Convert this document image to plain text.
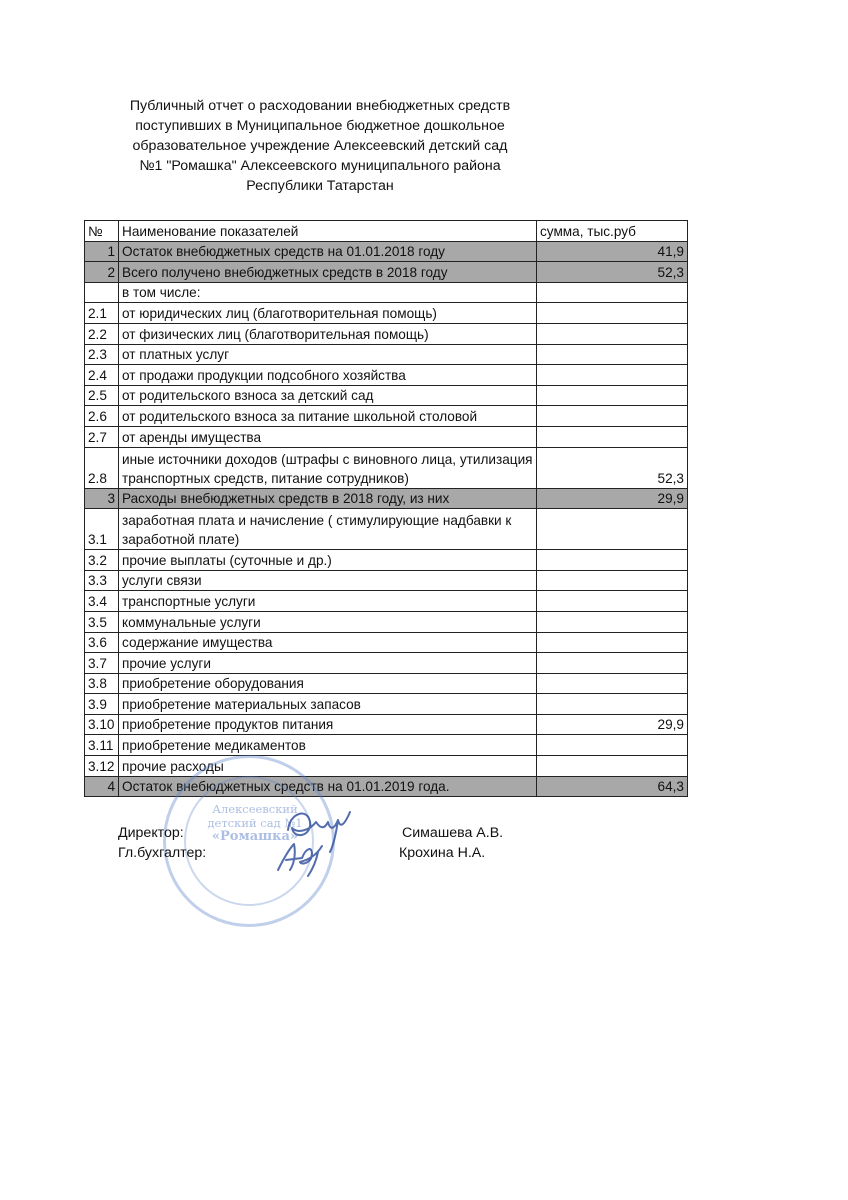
Публичный отчет о расходовании внебюджетных средств
поступивших в Муниципальное бюджетное дошкольное
образовательное учреждение Алексеевский детский сад
№1 "Ромашка" Алексеевского муниципального района
Республики Татарстан
№	Наименование показателей	сумма, тыс.руб
1	Остаток внебюджетных средств на 01.01.2018 году	41,9
2	Всего получено внебюджетных средств в 2018 году	52,3
	в том числе:	
2.1	от юридических лиц (благотворительная помощь)	
2.2	от физических лиц (благотворительная помощь)	
2.3	от платных услуг	
2.4	от продажи продукции подсобного хозяйства	
2.5	от родительского взноса за детский сад	
2.6	от родительского взноса за питание школьной столовой	
2.7	от аренды имущества	
2.8	иные источники доходов (штрафы с виновного лица, утилизация транспортных средств, питание сотрудников)	52,3
3	Расходы внебюджетных средств в 2018 году, из них	29,9
3.1	заработная плата и начисление ( стимулирующие надбавки к заработной плате)	
3.2	прочие выплаты (суточные и др.)	
3.3	услуги связи	
3.4	транспортные услуги	
3.5	коммунальные услуги	
3.6	содержание имущества	
3.7	прочие услуги	
3.8	приобретение оборудования	
3.9	приобретение материальных запасов	
3.10	приобретение продуктов питания	29,9
3.11	приобретение медикаментов	
3.12	прочие расходы	
4	Остаток внебюджетных средств на 01.01.2019 года.	64,3
Алексеевский
детский сад №1
«Ромашка»
Директор:	Симашева А.В.
Гл.бухгалтер:	Крохина Н.А.
